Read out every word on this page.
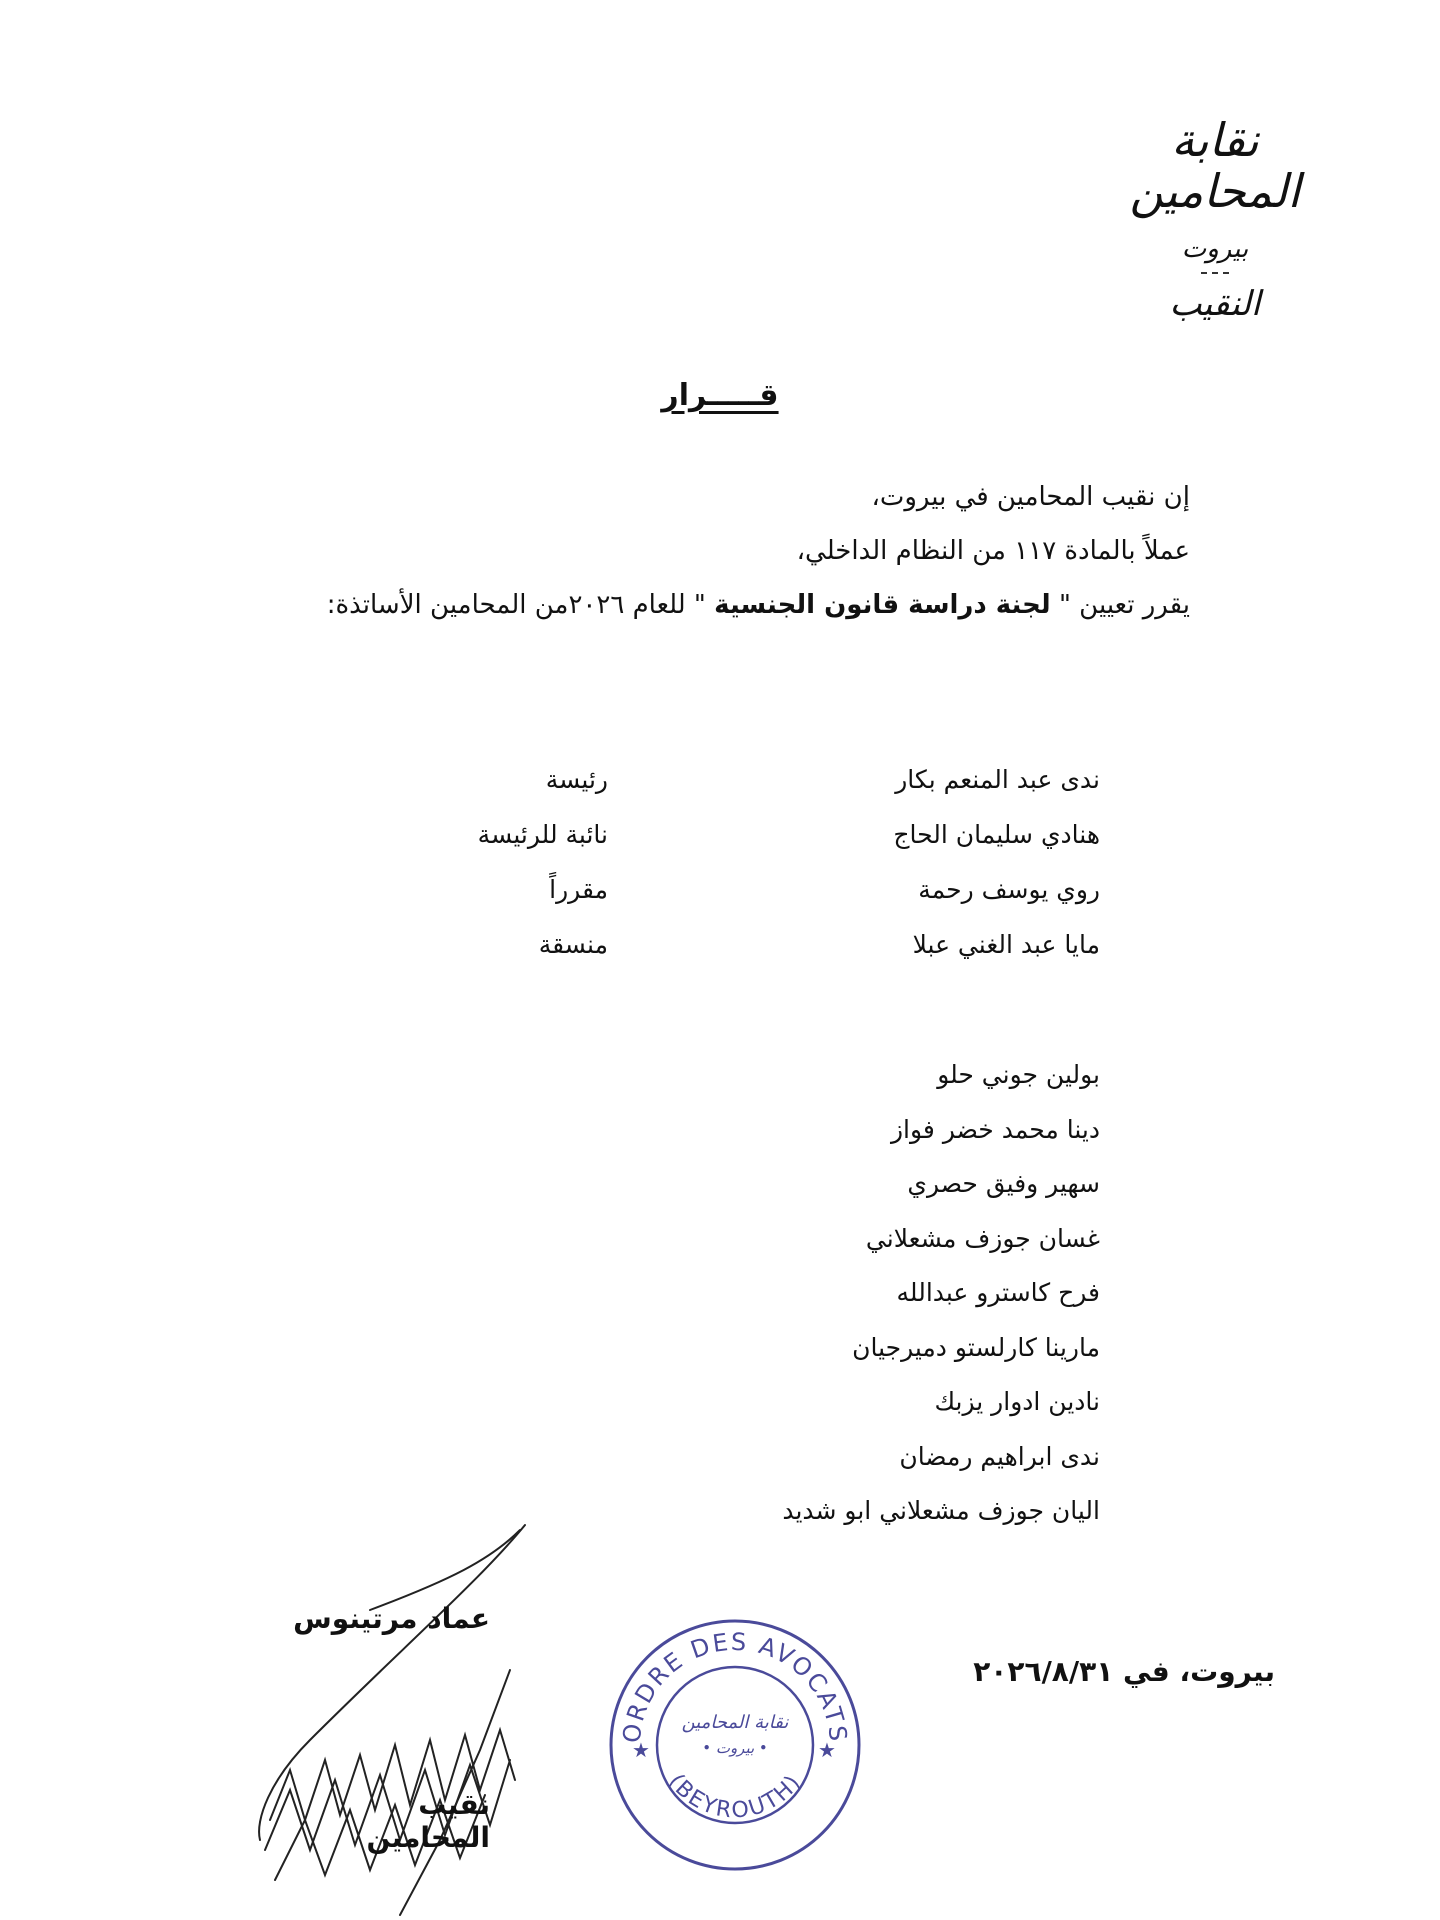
نقابة المحامين
بيروت
النقيب
قـــــرار
إن نقيب المحامين في بيروت،
عملاً بالمادة ١١٧ من النظام الداخلي،
يقرر تعيين " لجنة دراسة قانون الجنسية " للعام ٢٠٢٦من المحامين الأساتذة:
ندى عبد المنعم بكار
رئيسة
هنادي سليمان الحاج
نائبة للرئيسة
روي يوسف رحمة
مقرراً
مايا عبد الغني عبلا
منسقة
بولين جوني حلو
دينا محمد خضر فواز
سهير وفيق حصري
غسان جوزف مشعلاني
فرح كاسترو عبدالله
مارينا كارلستو دميرجيان
نادين ادوار يزبك
ندى ابراهيم رمضان
اليان جوزف مشعلاني ابو شديد
بيروت، في ٢٠٢٦/٨/٣١
عماد مرتينوس
نقيب المحامين
ORDRE DES AVOCATS
(BEYROUTH)
★	★
نقابة المحامين
• بيروت •
